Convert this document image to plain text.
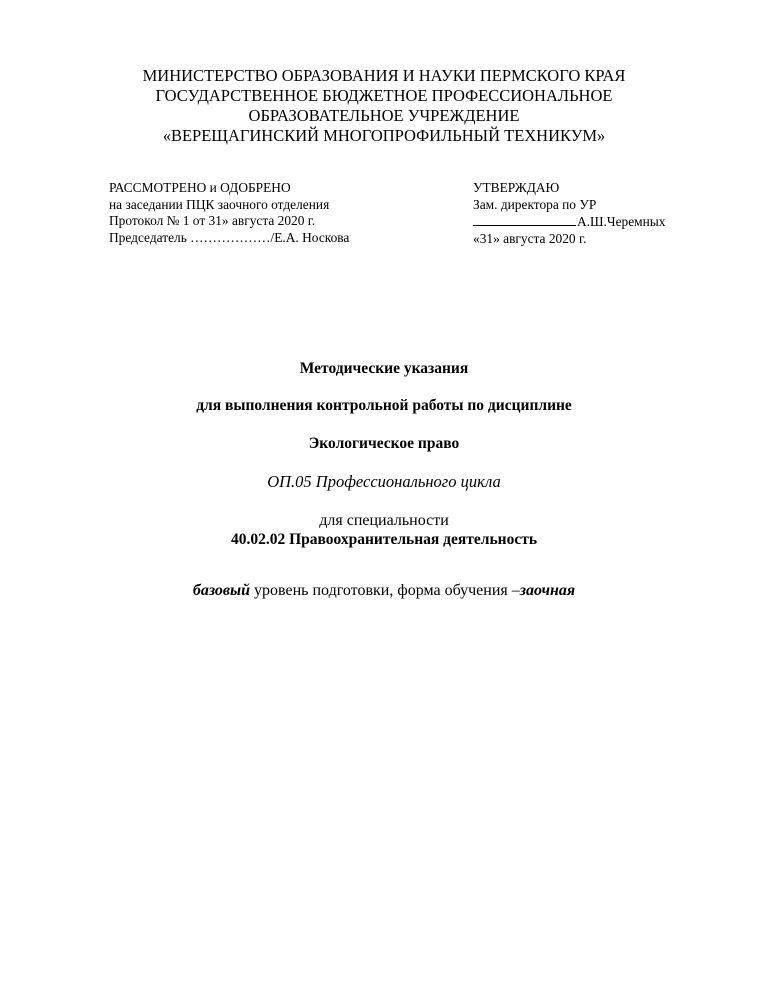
МИНИСТЕРСТВО ОБРАЗОВАНИЯ И НАУКИ ПЕРМСКОГО КРАЯ
ГОСУДАРСТВЕННОЕ БЮДЖЕТНОЕ ПРОФЕССИОНАЛЬНОЕ
ОБРАЗОВАТЕЛЬНОЕ УЧРЕЖДЕНИЕ
«ВЕРЕЩАГИНСКИЙ МНОГОПРОФИЛЬНЫЙ ТЕХНИКУМ»
РАССМОТРЕНО и ОДОБРЕНО
на заседании ПЦК заочного отделения
Протокол № 1 от 31» августа 2020 г.
Председатель ………………/Е.А. Носкова
УТВЕРЖДАЮ
Зам. директора по УР
А.Ш.Черемных
«31» августа 2020 г.
Методические указания
для выполнения контрольной работы по дисциплине
Экологическое право
ОП.05 Профессионального цикла
для специальности
40.02.02 Правоохранительная деятельность
базовый уровень подготовки, форма обучения –заочная
